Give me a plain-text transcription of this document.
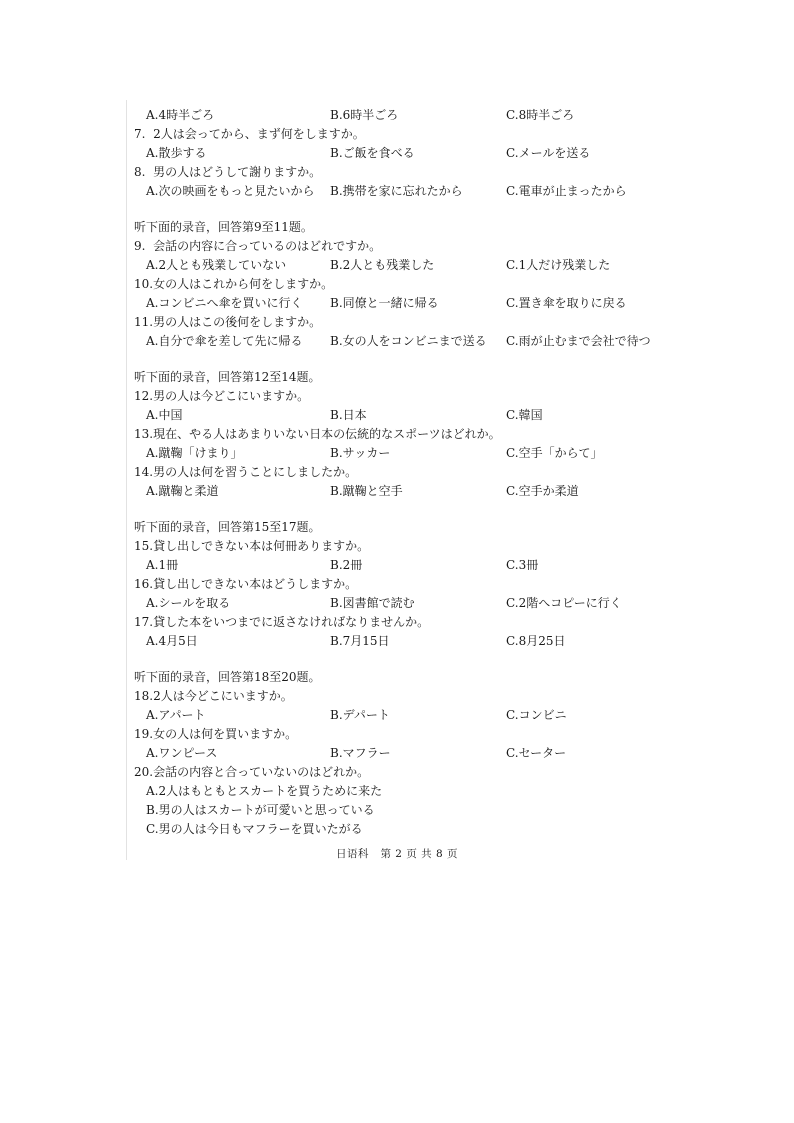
A.4時半ごろ	B.6時半ごろ	C.8時半ごろ
7. 2人は会ってから、まず何をしますか。
A.散歩する	B.ご飯を食べる	C.メールを送る
8. 男の人はどうして謝りますか。
A.次の映画をもっと見たいから B.携帯を家に忘れたから	C.電車が止まったから
听下面的录音，回答第9至11题。
9. 会話の内容に合っているのはどれですか。
A.2人とも残業していない	B.2人とも残業した	C.1人だけ残業した
10.女の人はこれから何をしますか。
A.コンビニへ傘を買いに行く B.同僚と一緒に帰る	C.置き傘を取りに戻る
11.男の人はこの後何をしますか。
A.自分で傘を差して先に帰る B.女の人をコンビニまで送る C.雨が止むまで会社で待つ
听下面的录音，回答第12至14题。
12.男の人は今どこにいますか。
A.中国	B.日本	C.韓国
13.現在、やる人はあまりいない日本の伝統的なスポーツはどれか。
A.蹴鞠「けまり」	B.サッカー	C.空手「からて」
14.男の人は何を習うことにしましたか。
A.蹴鞠と柔道	B.蹴鞠と空手	C.空手か柔道
听下面的录音，回答第15至17题。
15.貸し出しできない本は何冊ありますか。
A.1冊	B.2冊	C.3冊
16.貸し出しできない本はどうしますか。
A.シールを取る	B.図書館で読む	C.2階へコピーに行く
17.貸した本をいつまでに返さなければなりませんか。
A.4月5日	B.7月15日	C.8月25日
听下面的录音，回答第18至20题。
18.2人は今どこにいますか。
A.アパート	B.デパート	C.コンビニ
19.女の人は何を買いますか。
A.ワンピース	B.マフラー	C.セーター
20.会話の内容と合っていないのはどれか。
A.2人はもともとスカートを買うために来た
B.男の人はスカートが可愛いと思っている
C.男の人は今日もマフラーを買いたがる
日语科 第 2 页 共 8 页
